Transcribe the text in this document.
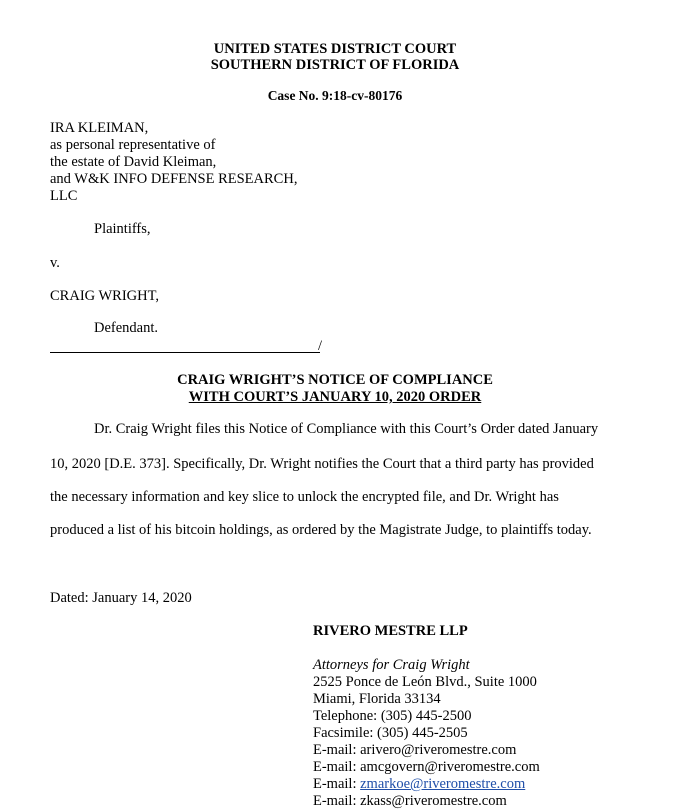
UNITED STATES DISTRICT COURT
SOUTHERN DISTRICT OF FLORIDA
Case No. 9:18-cv-80176
IRA KLEIMAN,
as personal representative of
the estate of David Kleiman,
and W&K INFO DEFENSE RESEARCH,
LLC
Plaintiffs,
v.
CRAIG WRIGHT,
Defendant.
/
CRAIG WRIGHT’S NOTICE OF COMPLIANCE
WITH COURT’S JANUARY 10, 2020 ORDER
Dr. Craig Wright files this Notice of Compliance with this Court’s Order dated January
10, 2020 [D.E. 373]. Specifically, Dr. Wright notifies the Court that a third party has provided
the necessary information and key slice to unlock the encrypted file, and Dr. Wright has
produced a list of his bitcoin holdings, as ordered by the Magistrate Judge, to plaintiffs today.
Dated: January 14, 2020
RIVERO MESTRE LLP
Attorneys for Craig Wright
2525 Ponce de León Blvd., Suite 1000
Miami, Florida 33134
Telephone: (305) 445-2500
Facsimile: (305) 445-2505
E-mail: arivero@riveromestre.com
E-mail: amcgovern@riveromestre.com
E-mail: zmarkoe@riveromestre.com
E-mail: zkass@riveromestre.com
